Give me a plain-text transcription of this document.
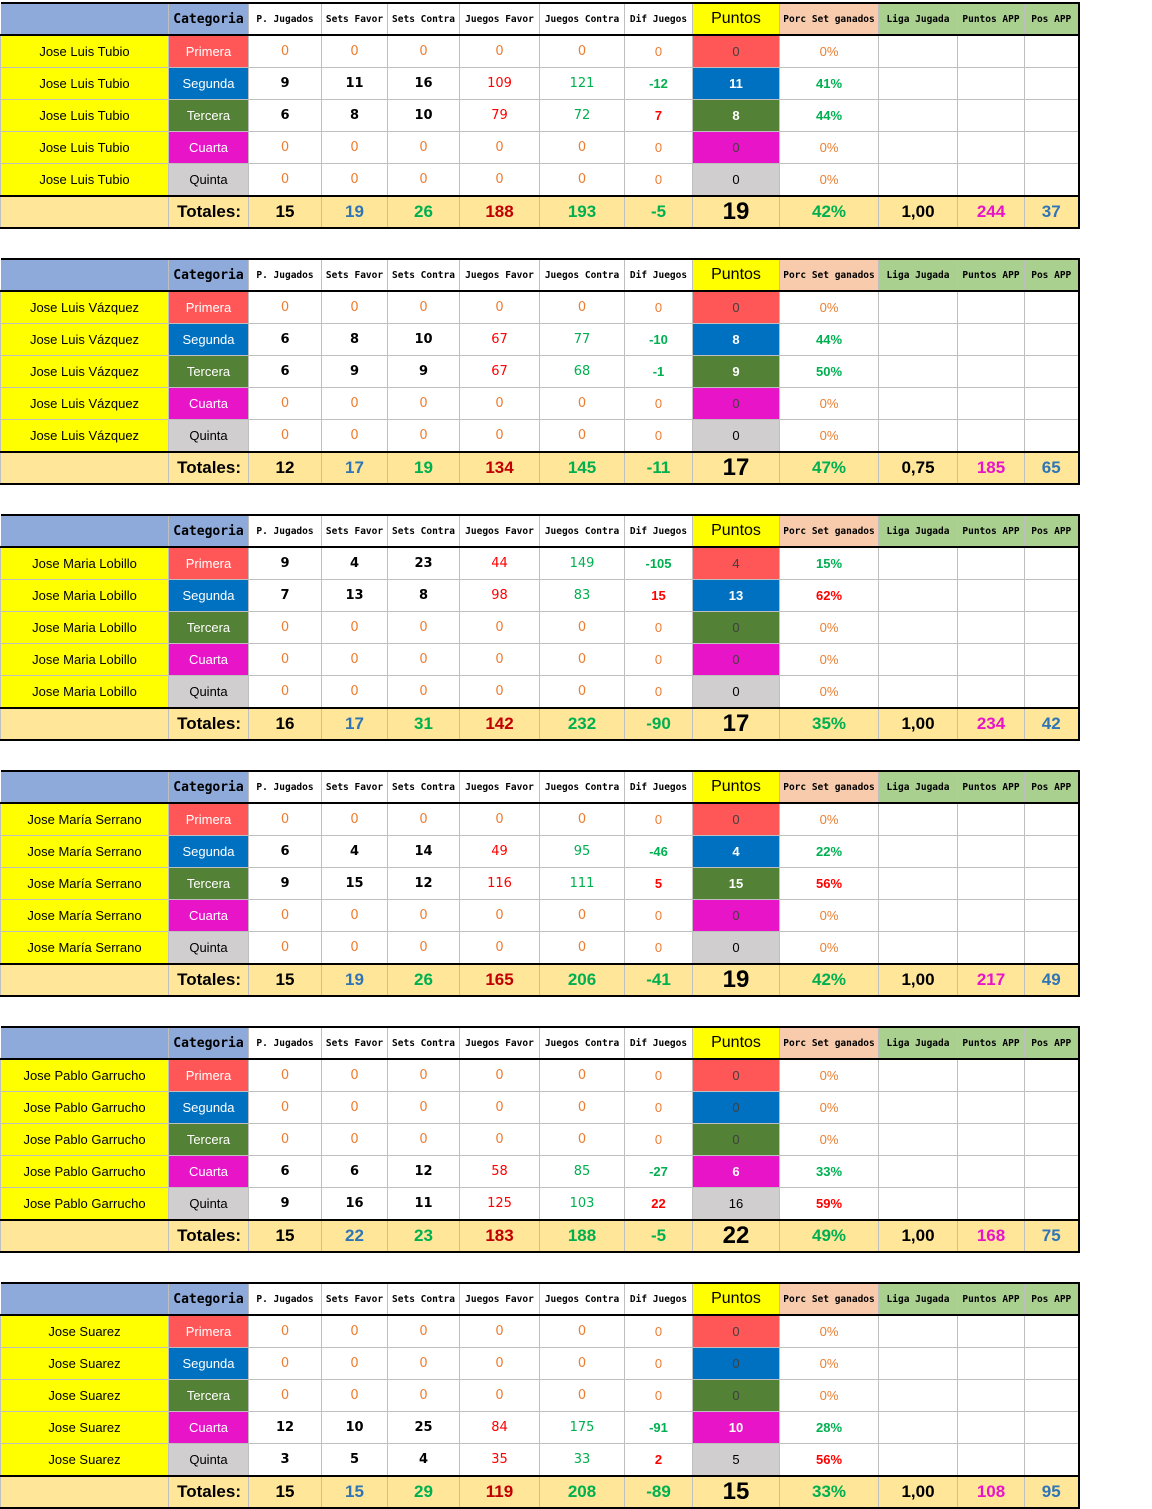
	Categoria	P. Jugados	Sets Favor	Sets Contra	Juegos Favor	Juegos Contra	Dif Juegos	Puntos	Porc Set ganados	Liga Jugada	Puntos APP	Pos APP
Jose Luis Tubio	Primera	0	0	0	0	0	0	0	0%			
Jose Luis Tubio	Segunda	9	11	16	109	121	-12	11	41%			
Jose Luis Tubio	Tercera	6	8	10	79	72	7	8	44%			
Jose Luis Tubio	Cuarta	0	0	0	0	0	0	0	0%			
Jose Luis Tubio	Quinta	0	0	0	0	0	0	0	0%			
	Totales:	15	19	26	188	193	-5	19	42%	1,00	244	37
	Categoria	P. Jugados	Sets Favor	Sets Contra	Juegos Favor	Juegos Contra	Dif Juegos	Puntos	Porc Set ganados	Liga Jugada	Puntos APP	Pos APP
Jose Luis Vázquez	Primera	0	0	0	0	0	0	0	0%			
Jose Luis Vázquez	Segunda	6	8	10	67	77	-10	8	44%			
Jose Luis Vázquez	Tercera	6	9	9	67	68	-1	9	50%			
Jose Luis Vázquez	Cuarta	0	0	0	0	0	0	0	0%			
Jose Luis Vázquez	Quinta	0	0	0	0	0	0	0	0%			
	Totales:	12	17	19	134	145	-11	17	47%	0,75	185	65
	Categoria	P. Jugados	Sets Favor	Sets Contra	Juegos Favor	Juegos Contra	Dif Juegos	Puntos	Porc Set ganados	Liga Jugada	Puntos APP	Pos APP
Jose Maria Lobillo	Primera	9	4	23	44	149	-105	4	15%			
Jose Maria Lobillo	Segunda	7	13	8	98	83	15	13	62%			
Jose Maria Lobillo	Tercera	0	0	0	0	0	0	0	0%			
Jose Maria Lobillo	Cuarta	0	0	0	0	0	0	0	0%			
Jose Maria Lobillo	Quinta	0	0	0	0	0	0	0	0%			
	Totales:	16	17	31	142	232	-90	17	35%	1,00	234	42
	Categoria	P. Jugados	Sets Favor	Sets Contra	Juegos Favor	Juegos Contra	Dif Juegos	Puntos	Porc Set ganados	Liga Jugada	Puntos APP	Pos APP
Jose María Serrano	Primera	0	0	0	0	0	0	0	0%			
Jose María Serrano	Segunda	6	4	14	49	95	-46	4	22%			
Jose María Serrano	Tercera	9	15	12	116	111	5	15	56%			
Jose María Serrano	Cuarta	0	0	0	0	0	0	0	0%			
Jose María Serrano	Quinta	0	0	0	0	0	0	0	0%			
	Totales:	15	19	26	165	206	-41	19	42%	1,00	217	49
	Categoria	P. Jugados	Sets Favor	Sets Contra	Juegos Favor	Juegos Contra	Dif Juegos	Puntos	Porc Set ganados	Liga Jugada	Puntos APP	Pos APP
Jose Pablo Garrucho	Primera	0	0	0	0	0	0	0	0%			
Jose Pablo Garrucho	Segunda	0	0	0	0	0	0	0	0%			
Jose Pablo Garrucho	Tercera	0	0	0	0	0	0	0	0%			
Jose Pablo Garrucho	Cuarta	6	6	12	58	85	-27	6	33%			
Jose Pablo Garrucho	Quinta	9	16	11	125	103	22	16	59%			
	Totales:	15	22	23	183	188	-5	22	49%	1,00	168	75
	Categoria	P. Jugados	Sets Favor	Sets Contra	Juegos Favor	Juegos Contra	Dif Juegos	Puntos	Porc Set ganados	Liga Jugada	Puntos APP	Pos APP
Jose Suarez	Primera	0	0	0	0	0	0	0	0%			
Jose Suarez	Segunda	0	0	0	0	0	0	0	0%			
Jose Suarez	Tercera	0	0	0	0	0	0	0	0%			
Jose Suarez	Cuarta	12	10	25	84	175	-91	10	28%			
Jose Suarez	Quinta	3	5	4	35	33	2	5	56%			
	Totales:	15	15	29	119	208	-89	15	33%	1,00	108	95
